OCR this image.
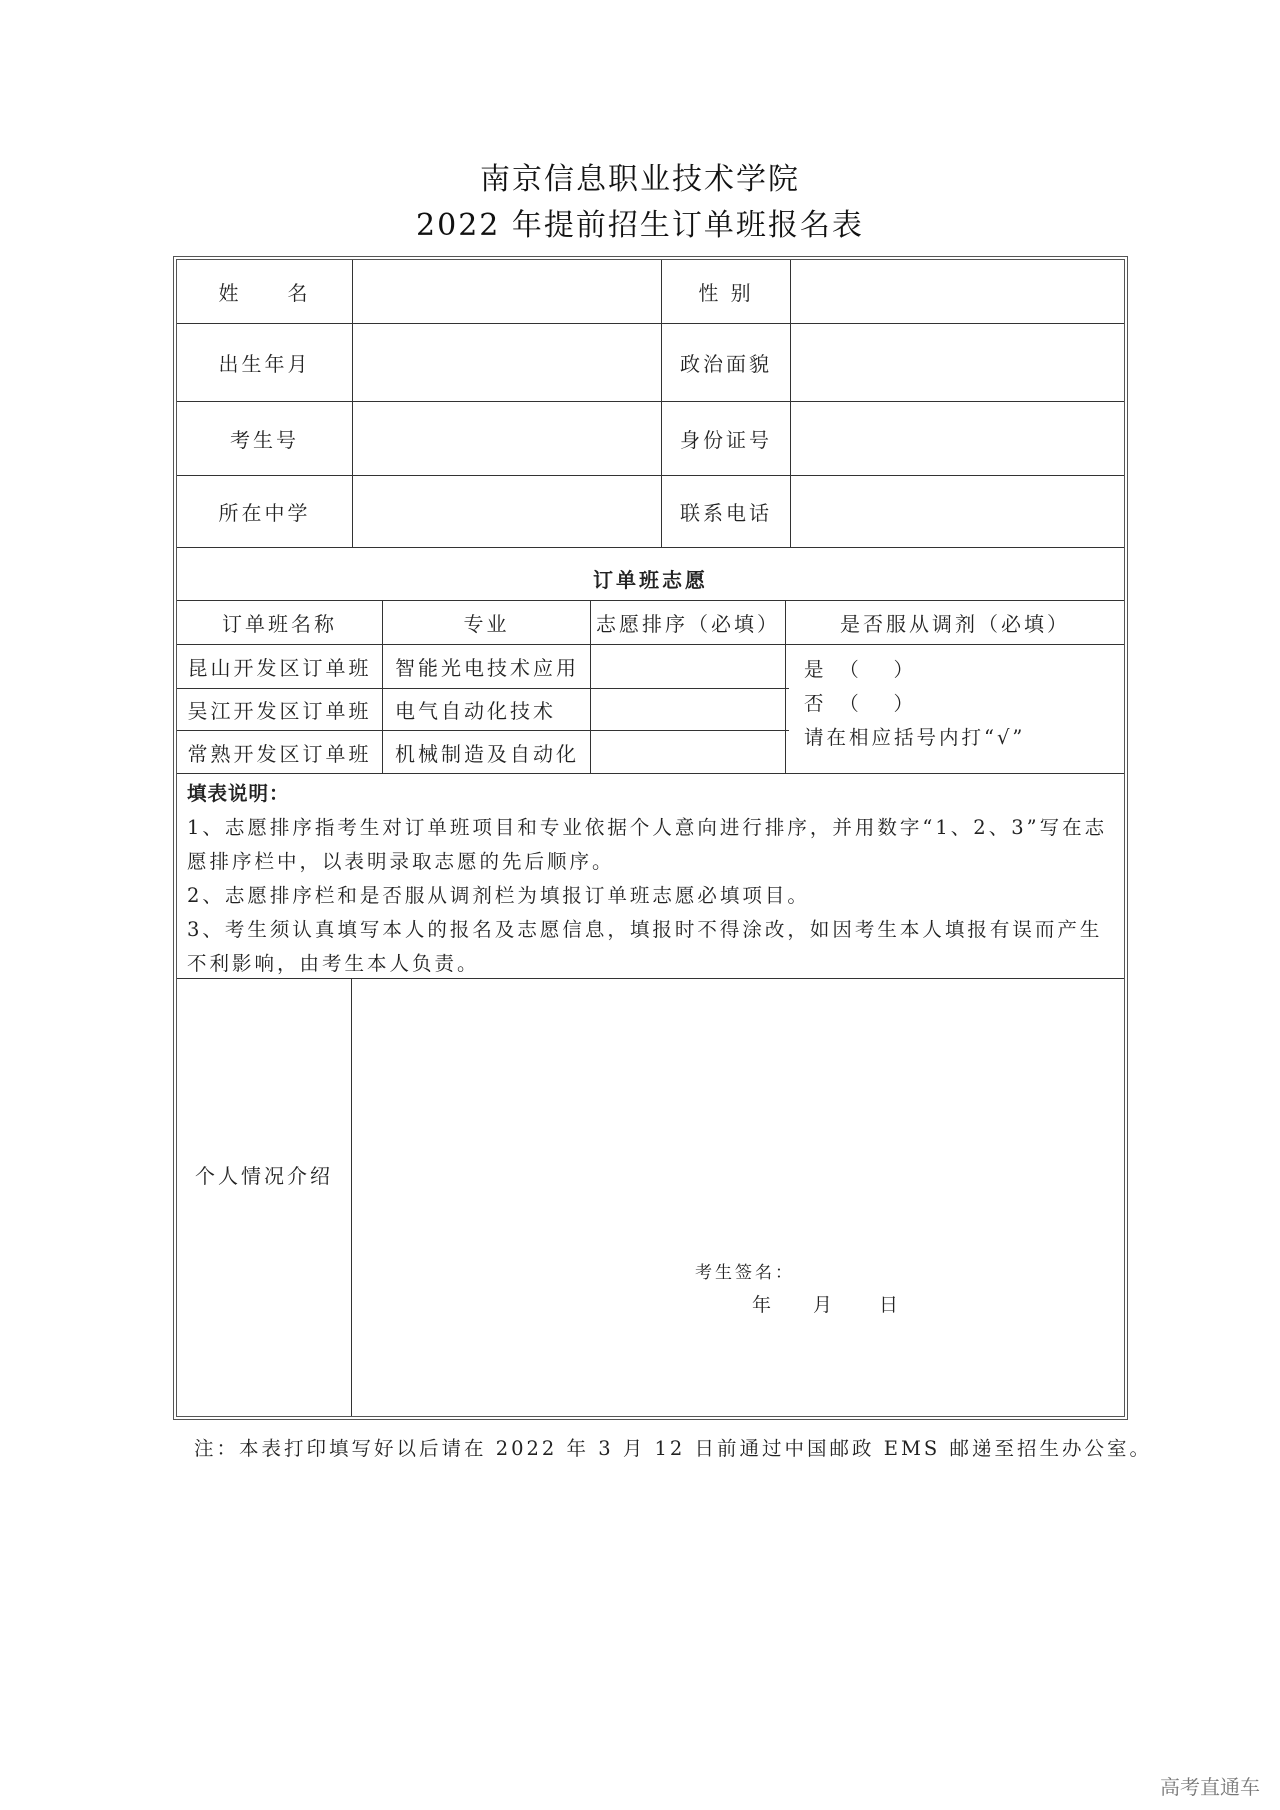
南京信息职业技术学院
2022 年提前招生订单班报名表
姓　　名	性 别
出生年月	政治面貌
考生号	身份证号
所在中学	联系电话
订单班志愿
订单班名称	专业	志愿排序（必填）	是否服从调剂（必填）
昆山开发区订单班	智能光电技术应用
吴江开发区订单班	电气自动化技术
常熟开发区订单班	机械制造及自动化
是　（　 ）
否　（　 ）
请在相应括号内打“√”
填表说明：
1、志愿排序指考生对订单班项目和专业依据个人意向进行排序，并用数字“1、2、3”写在志愿排序栏中，以表明录取志愿的先后顺序。
2、志愿排序栏和是否服从调剂栏为填报订单班志愿必填项目。
3、考生须认真填写本人的报名及志愿信息，填报时不得涂改，如因考生本人填报有误而产生不利影响，由考生本人负责。
个人情况介绍
考生签名：
年 月 日
注：本表打印填写好以后请在 2022 年 3 月 12 日前通过中国邮政 EMS 邮递至招生办公室。
高考直通车
